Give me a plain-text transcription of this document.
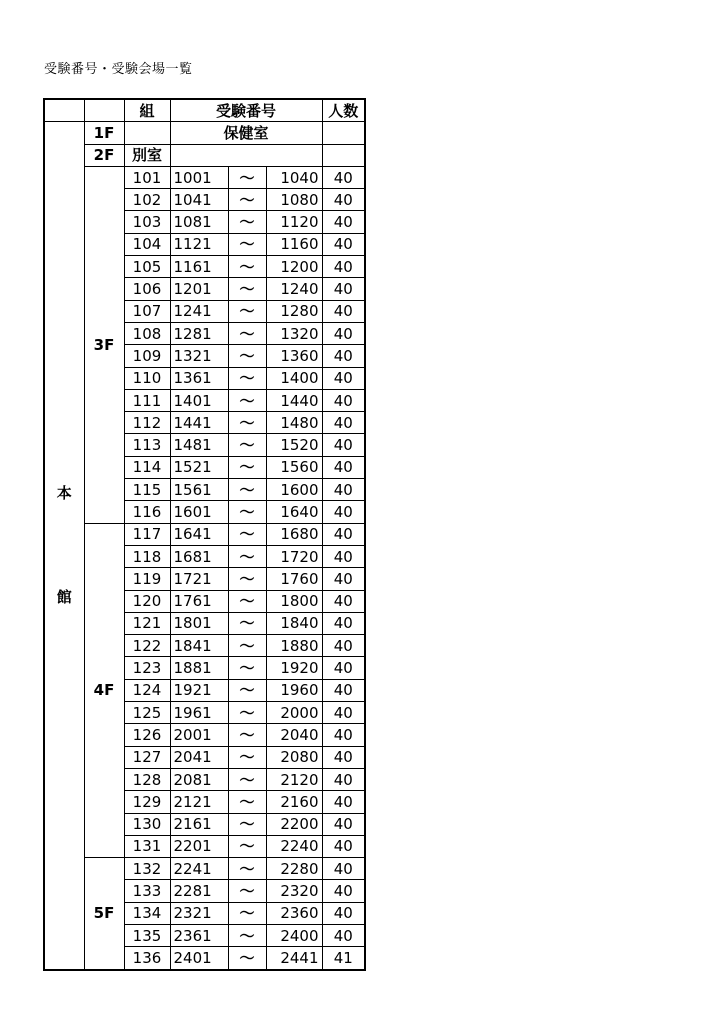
受験番号・受験会場一覧
		組	受験番号			人数

本
館	1F		保健室			
	2F	別室				
	3F	101	1001	～	1040	40
		102	1041	～	1080	40
		103	1081	～	1120	40
		104	1121	～	1160	40
		105	1161	～	1200	40
		106	1201	～	1240	40
		107	1241	～	1280	40
		108	1281	～	1320	40
		109	1321	～	1360	40
		110	1361	～	1400	40
		111	1401	～	1440	40
		112	1441	～	1480	40
		113	1481	～	1520	40
		114	1521	～	1560	40
		115	1561	～	1600	40
		116	1601	～	1640	40
	4F	117	1641	～	1680	40
		118	1681	～	1720	40
		119	1721	～	1760	40
		120	1761	～	1800	40
		121	1801	～	1840	40
		122	1841	～	1880	40
		123	1881	～	1920	40
		124	1921	～	1960	40
		125	1961	～	2000	40
		126	2001	～	2040	40
		127	2041	～	2080	40
		128	2081	～	2120	40
		129	2121	～	2160	40
		130	2161	～	2200	40
		131	2201	～	2240	40
	5F	132	2241	～	2280	40
		133	2281	～	2320	40
		134	2321	～	2360	40
		135	2361	～	2400	40
		136	2401	～	2441	41
